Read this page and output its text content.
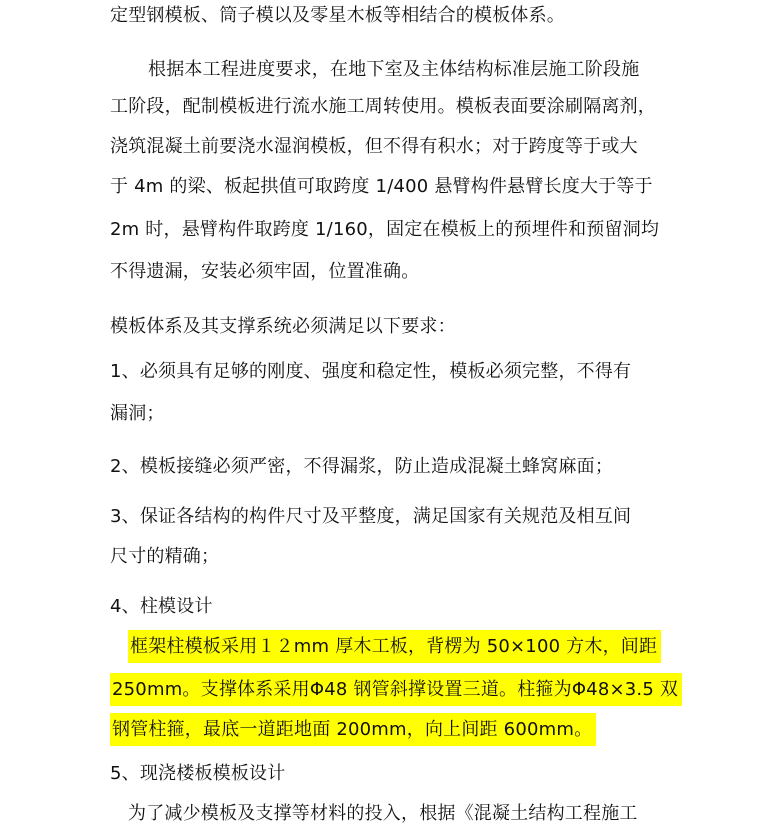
定型钢模板、筒子模以及零星木板等相结合的模板体系。
根据本工程进度要求，在地下室及主体结构标准层施工阶段施
工阶段，配制模板进行流水施工周转使用。模板表面要涂刷隔离剂，
浇筑混凝土前要浇水湿润模板，但不得有积水；对于跨度等于或大
于 4m 的梁、板起拱值可取跨度 1/400 悬臂构件悬臂长度大于等于
2m 时，悬臂构件取跨度 1/160，固定在模板上的预埋件和预留洞均
不得遗漏，安装必须牢固，位置准确。
模板体系及其支撑系统必须满足以下要求：
1、必须具有足够的刚度、强度和稳定性，模板必须完整，不得有
漏洞；
2、模板接缝必须严密，不得漏浆，防止造成混凝土蜂窝麻面；
3、保证各结构的构件尺寸及平整度，满足国家有关规范及相互间
尺寸的精确；
4、柱模设计
框架柱模板采用１２mm 厚木工板，背楞为 50×100 方木，间距
250mm。支撑体系采用Φ48 钢管斜撑设置三道。柱箍为Φ48×3.5 双
钢管柱箍，最底一道距地面 200mm，向上间距 600mm。
5、现浇楼板模板设计
为了减少模板及支撑等材料的投入，根据《混凝土结构工程施工
